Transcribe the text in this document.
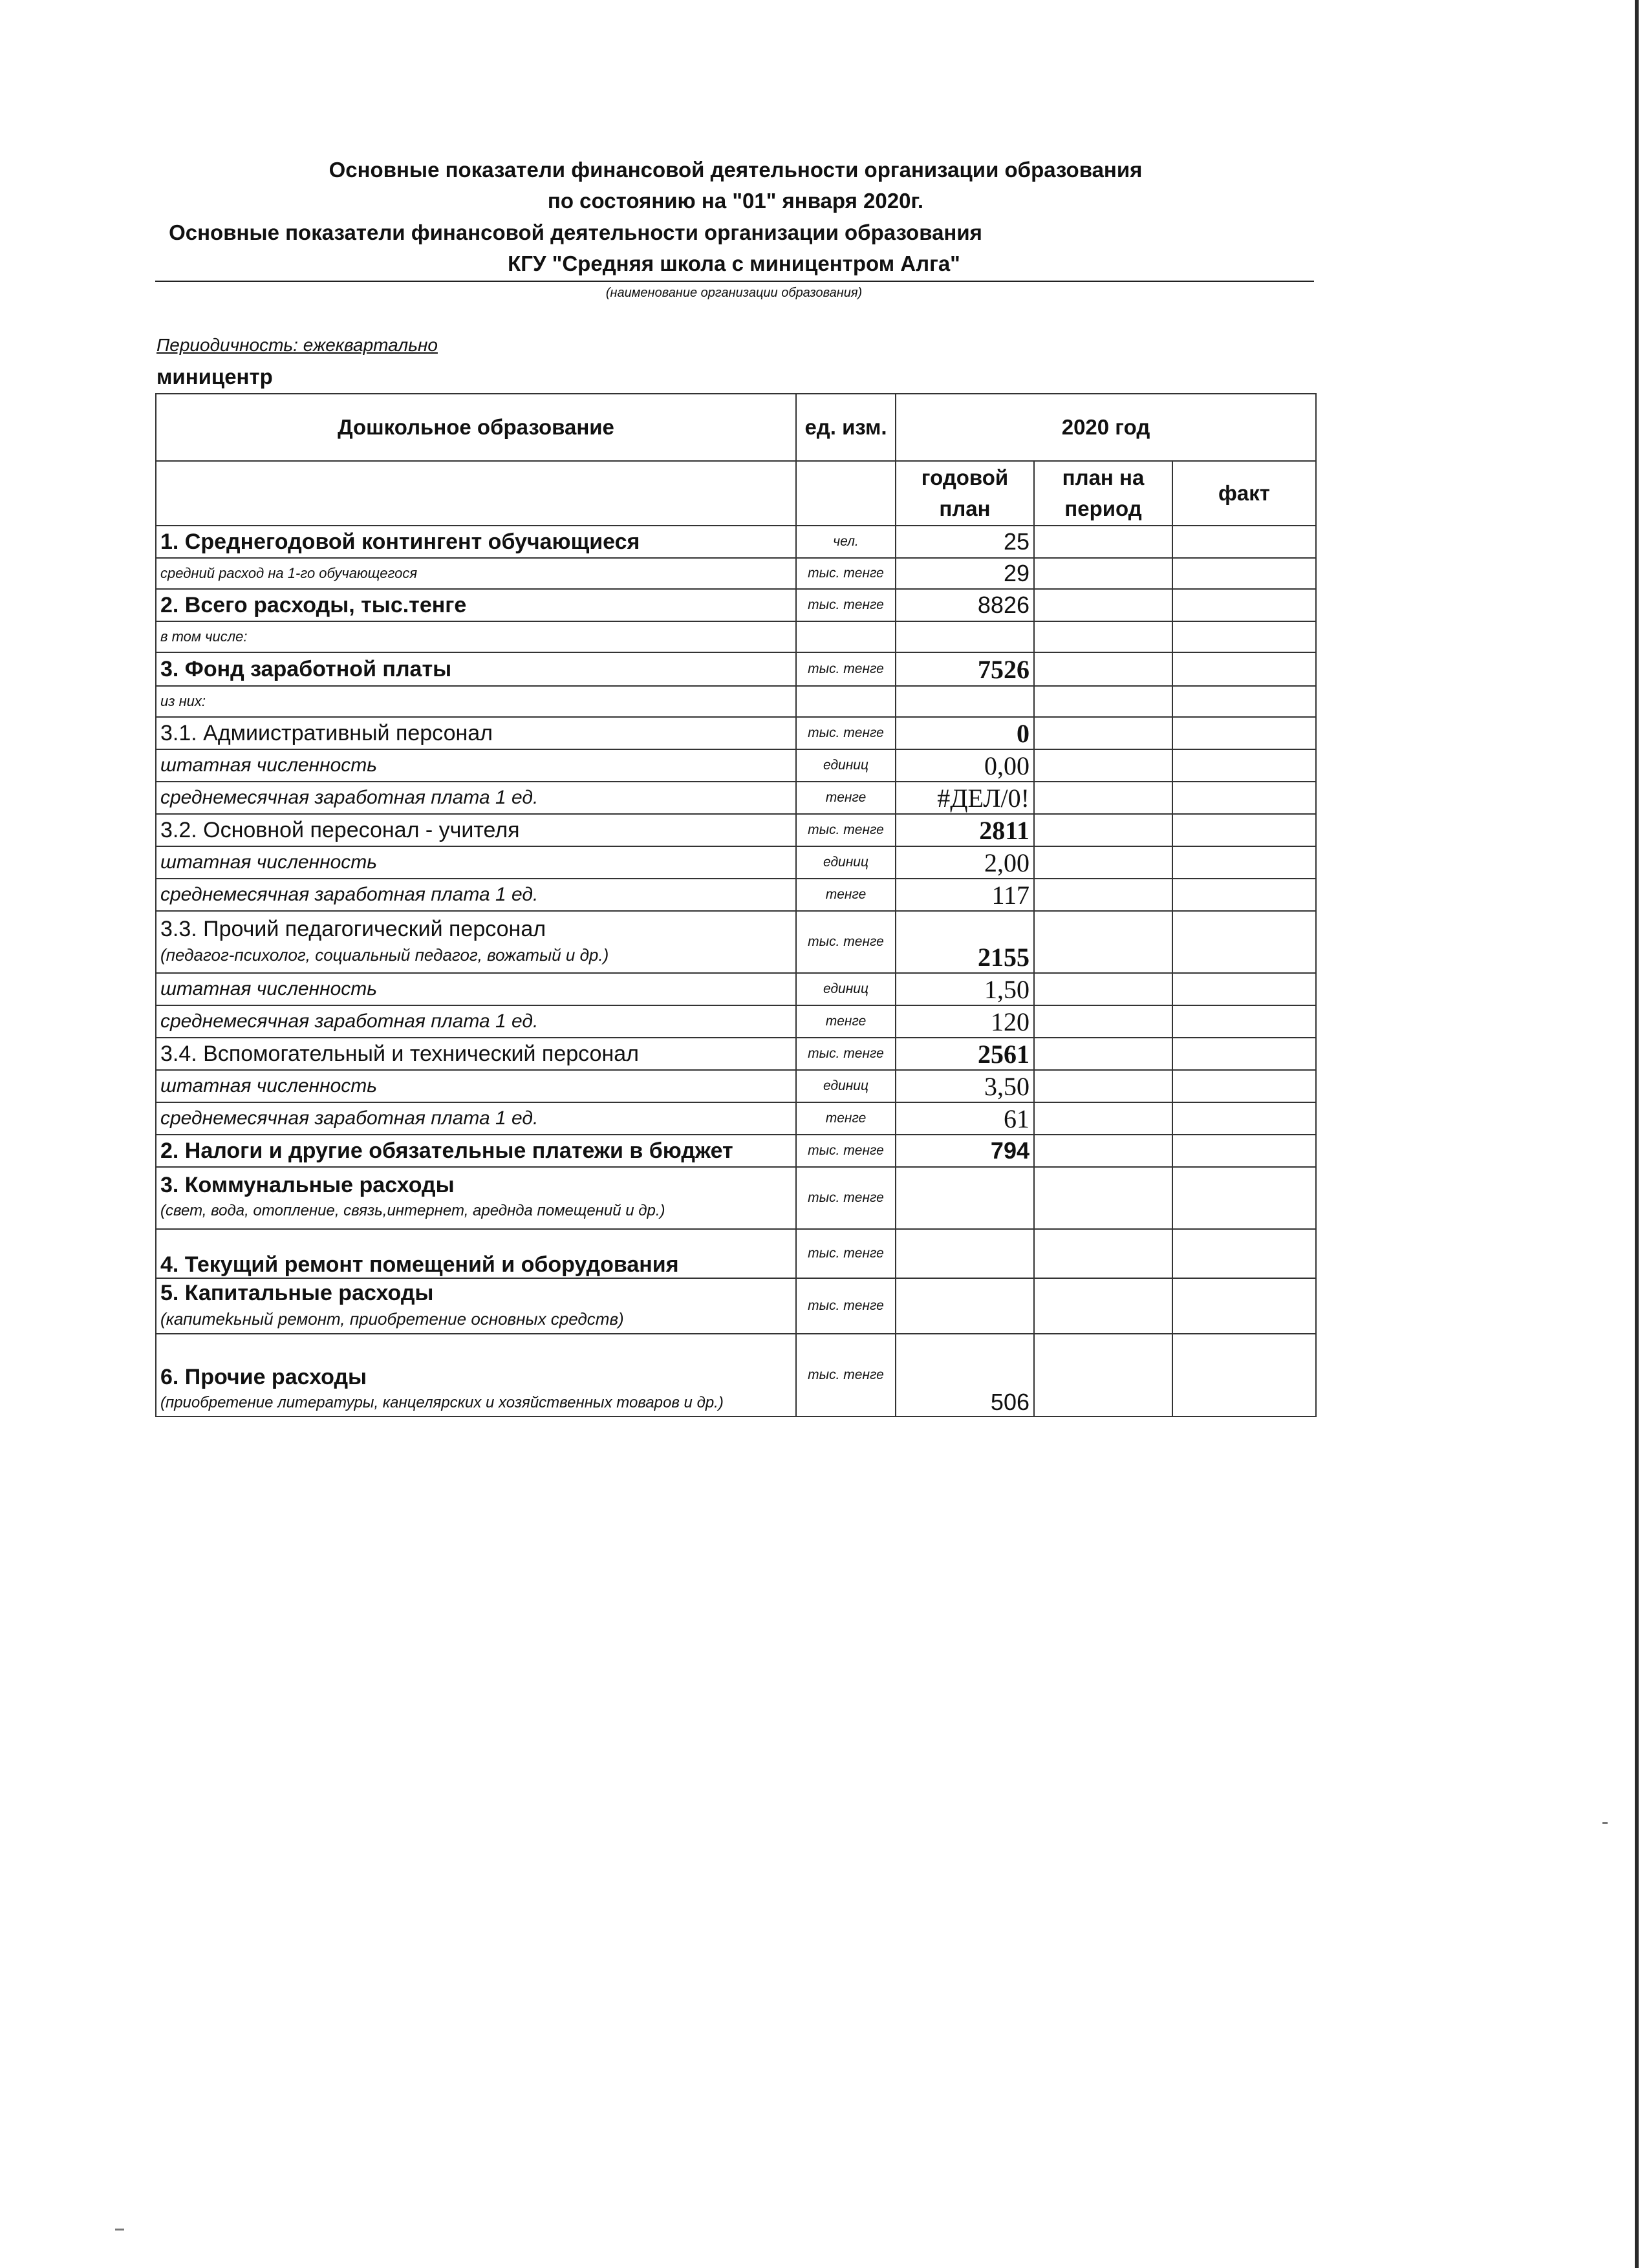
Основные показатели финансовой деятельности организации образования
по состоянию на "01" января 2020г.
Основные показатели финансовой деятельности организации образования
КГУ "Средняя школа с миницентром Алга"
(наименование организации образования)
Периодичность: ежеквартально
миницентр
Дошкольное образование	ед. изм.	2020 год		
		годовой план	план на период	факт
1. Среднегодовой контингент обучающиеся	чел.	25		
средний расход на 1-го обучающегося	тыс. тенге	29		
2. Всего расходы, тыс.тенге	тыс. тенге	8826		
в том числе:				
3. Фонд заработной платы	тыс. тенге	7526		
из них:				
3.1. Адмиистративный персонал	тыс. тенге	0		
штатная численность	единиц	0,00		
среднемесячная заработная плата 1 ед.	тенге	#ДЕЛ/0!		
3.2. Основной пересонал - учителя	тыс. тенге	2811		
штатная численность	единиц	2,00		
среднемесячная заработная плата 1 ед.	тенге	117		
3.3. Прочий педагогический персонал
(педагог-психолог, социальный педагог, вожатый и др.)	тыс. тенге	2155		
штатная численность	единиц	1,50		
среднемесячная заработная плата 1 ед.	тенге	120		
3.4. Вспомогательный и технический персонал	тыс. тенге	2561		
штатная численность	единиц	3,50		
среднемесячная заработная плата 1 ед.	тенге	61		
2. Налоги и другие обязательные платежи в бюджет	тыс. тенге	794		
3. Коммунальные расходы
(свет, вода, отопление, связь,интернет, аредндa помещений и др.)	тыс. тенге			
4. Текущий ремонт помещений и оборудования	тыс. тенге			
5. Капитальные расходы
(капитеkьный ремонт, приобретение основных средств)	тыс. тенге			
6. Прочие расходы
(приобретение литературы, канцелярских и хозяйственных товаров и др.)	тыс. тенге	506		
